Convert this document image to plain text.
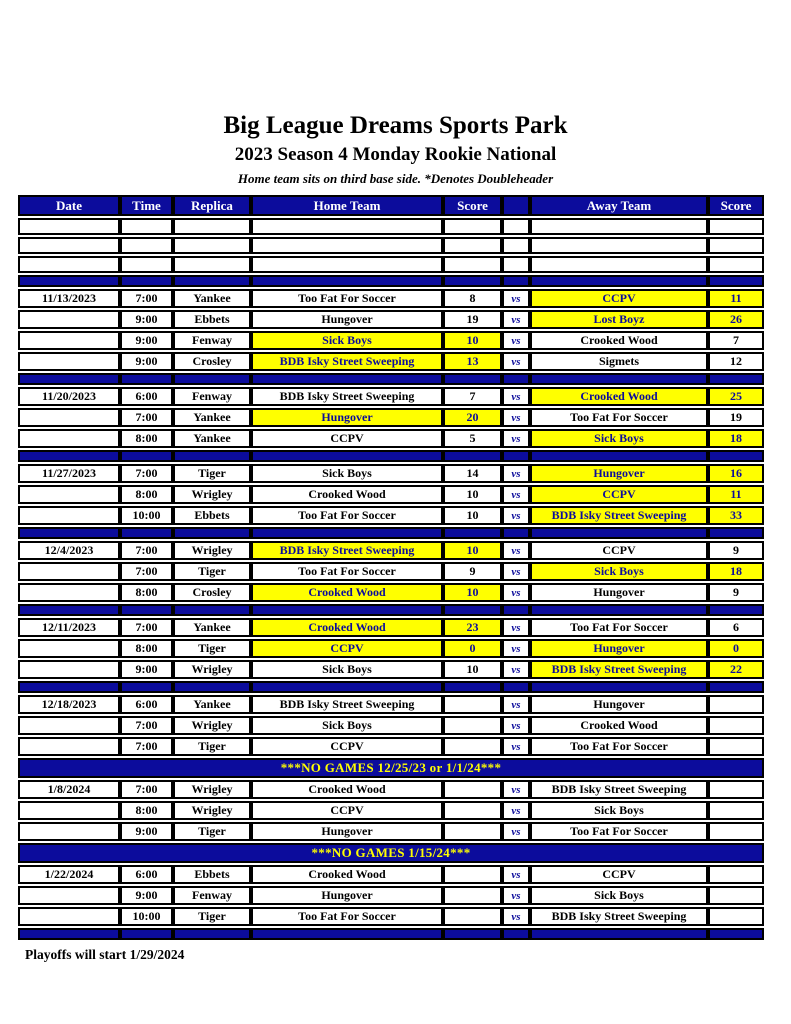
Big League Dreams Sports Park
2023 Season 4 Monday Rookie National
Home team sits on third base side. *Denotes Doubleheader
Date	Time	Replica	Home Team	Score		Away Team	Score

11/13/2023	7:00	Yankee	Too Fat For Soccer	8	vs	CCPV	11
	9:00	Ebbets	Hungover	19	vs	Lost Boyz	26
	9:00	Fenway	Sick Boys	10	vs	Crooked Wood	7
	9:00	Crosley	BDB Isky Street Sweeping	13	vs	Sigmets	12

11/20/2023	6:00	Fenway	BDB Isky Street Sweeping	7	vs	Crooked Wood	25
	7:00	Yankee	Hungover	20	vs	Too Fat For Soccer	19
	8:00	Yankee	CCPV	5	vs	Sick Boys	18

11/27/2023	7:00	Tiger	Sick Boys	14	vs	Hungover	16
	8:00	Wrigley	Crooked Wood	10	vs	CCPV	11
	10:00	Ebbets	Too Fat For Soccer	10	vs	BDB Isky Street Sweeping	33

12/4/2023	7:00	Wrigley	BDB Isky Street Sweeping	10	vs	CCPV	9
	7:00	Tiger	Too Fat For Soccer	9	vs	Sick Boys	18
	8:00	Crosley	Crooked Wood	10	vs	Hungover	9

12/11/2023	7:00	Yankee	Crooked Wood	23	vs	Too Fat For Soccer	6
	8:00	Tiger	CCPV	0	vs	Hungover	0
	9:00	Wrigley	Sick Boys	10	vs	BDB Isky Street Sweeping	22

12/18/2023	6:00	Yankee	BDB Isky Street Sweeping		vs	Hungover	
	7:00	Wrigley	Sick Boys		vs	Crooked Wood	
	7:00	Tiger	CCPV		vs	Too Fat For Soccer	
***NO GAMES 12/25/23 or 1/1/24***							
1/8/2024	7:00	Wrigley	Crooked Wood		vs	BDB Isky Street Sweeping	
	8:00	Wrigley	CCPV		vs	Sick Boys	
	9:00	Tiger	Hungover		vs	Too Fat For Soccer	
***NO GAMES 1/15/24***							
1/22/2024	6:00	Ebbets	Crooked Wood		vs	CCPV	
	9:00	Fenway	Hungover		vs	Sick Boys	
	10:00	Tiger	Too Fat For Soccer		vs	BDB Isky Street Sweeping	

Playoffs will start 1/29/2024
